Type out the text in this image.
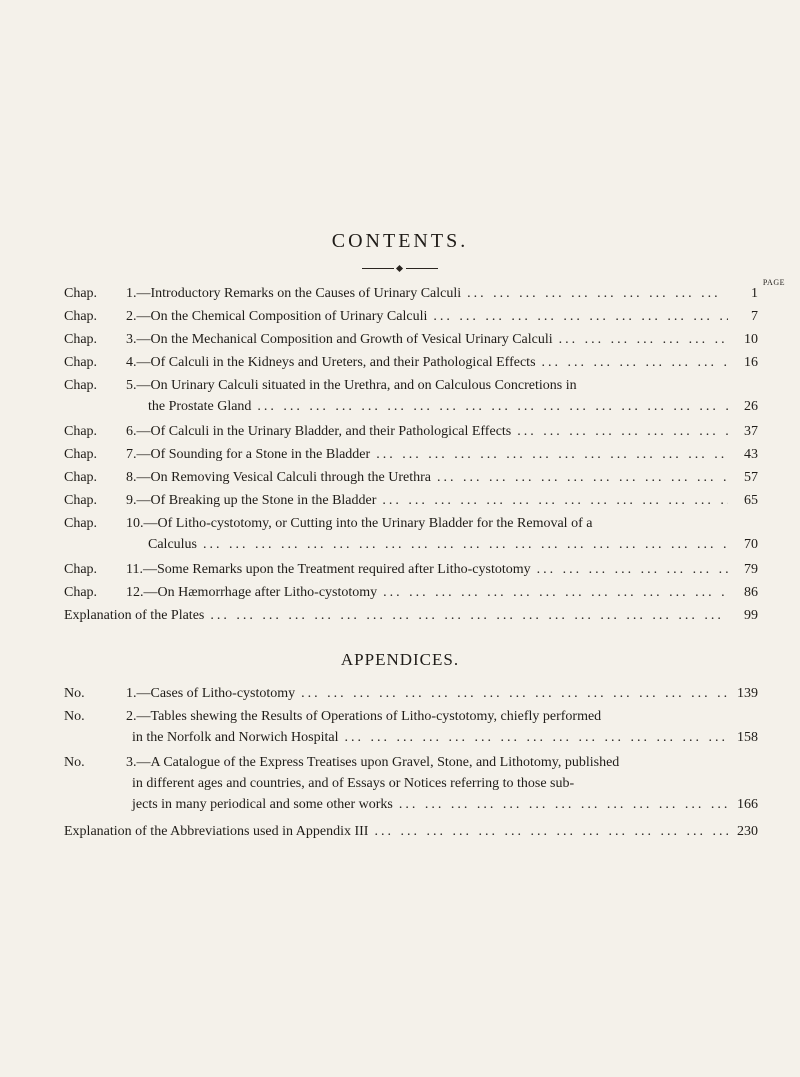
CONTENTS.
PAGE
Chap.	1. —Introductory Remarks on the Causes of Urinary Calculi ... .	1
Chap.	2. —On the Chemical Composition of Urinary Calculi ... .	7
Chap.	3. —On the Mechanical Composition and Growth of Vesical Urinary Calculi ... .	10
Chap.	4. —Of Calculi in the Kidneys and Ureters, and their Pathological Effects ... .	16
Chap.	5. —On Urinary Calculi situated in the Urethra, and on Calculous Concretions in
the Prostate Gland ... .	26
Chap.	6. —Of Calculi in the Urinary Bladder, and their Pathological Effects ... .	37
Chap.	7. —Of Sounding for a Stone in the Bladder ... .	43
Chap.	8. —On Removing Vesical Calculi through the Urethra ... .	57
Chap.	9. —Of Breaking up the Stone in the Bladder ... .	65
Chap.	10. —Of Litho-cystotomy, or Cutting into the Urinary Bladder for the Removal of a
Calculus ... .	70
Chap.	11. —Some Remarks upon the Treatment required after Litho-cystotomy ... .	79
Chap.	12. —On Hæmorrhage after Litho-cystotomy ... .	86
Explanation of the Plates ... .	99
APPENDICES.
No.	1. —Cases of Litho-cystotomy ... .	139
No.	2. —Tables shewing the Results of Operations of Litho-cystotomy, chiefly performed
in the Norfolk and Norwich Hospital ... .	158
No.	3. —A Catalogue of the Express Treatises upon Gravel, Stone, and Lithotomy, published
in different ages and countries, and of Essays or Notices referring to those sub-
jects in many periodical and some other works ... .	166
Explanation of the Abbreviations used in Appendix III ... .	230
